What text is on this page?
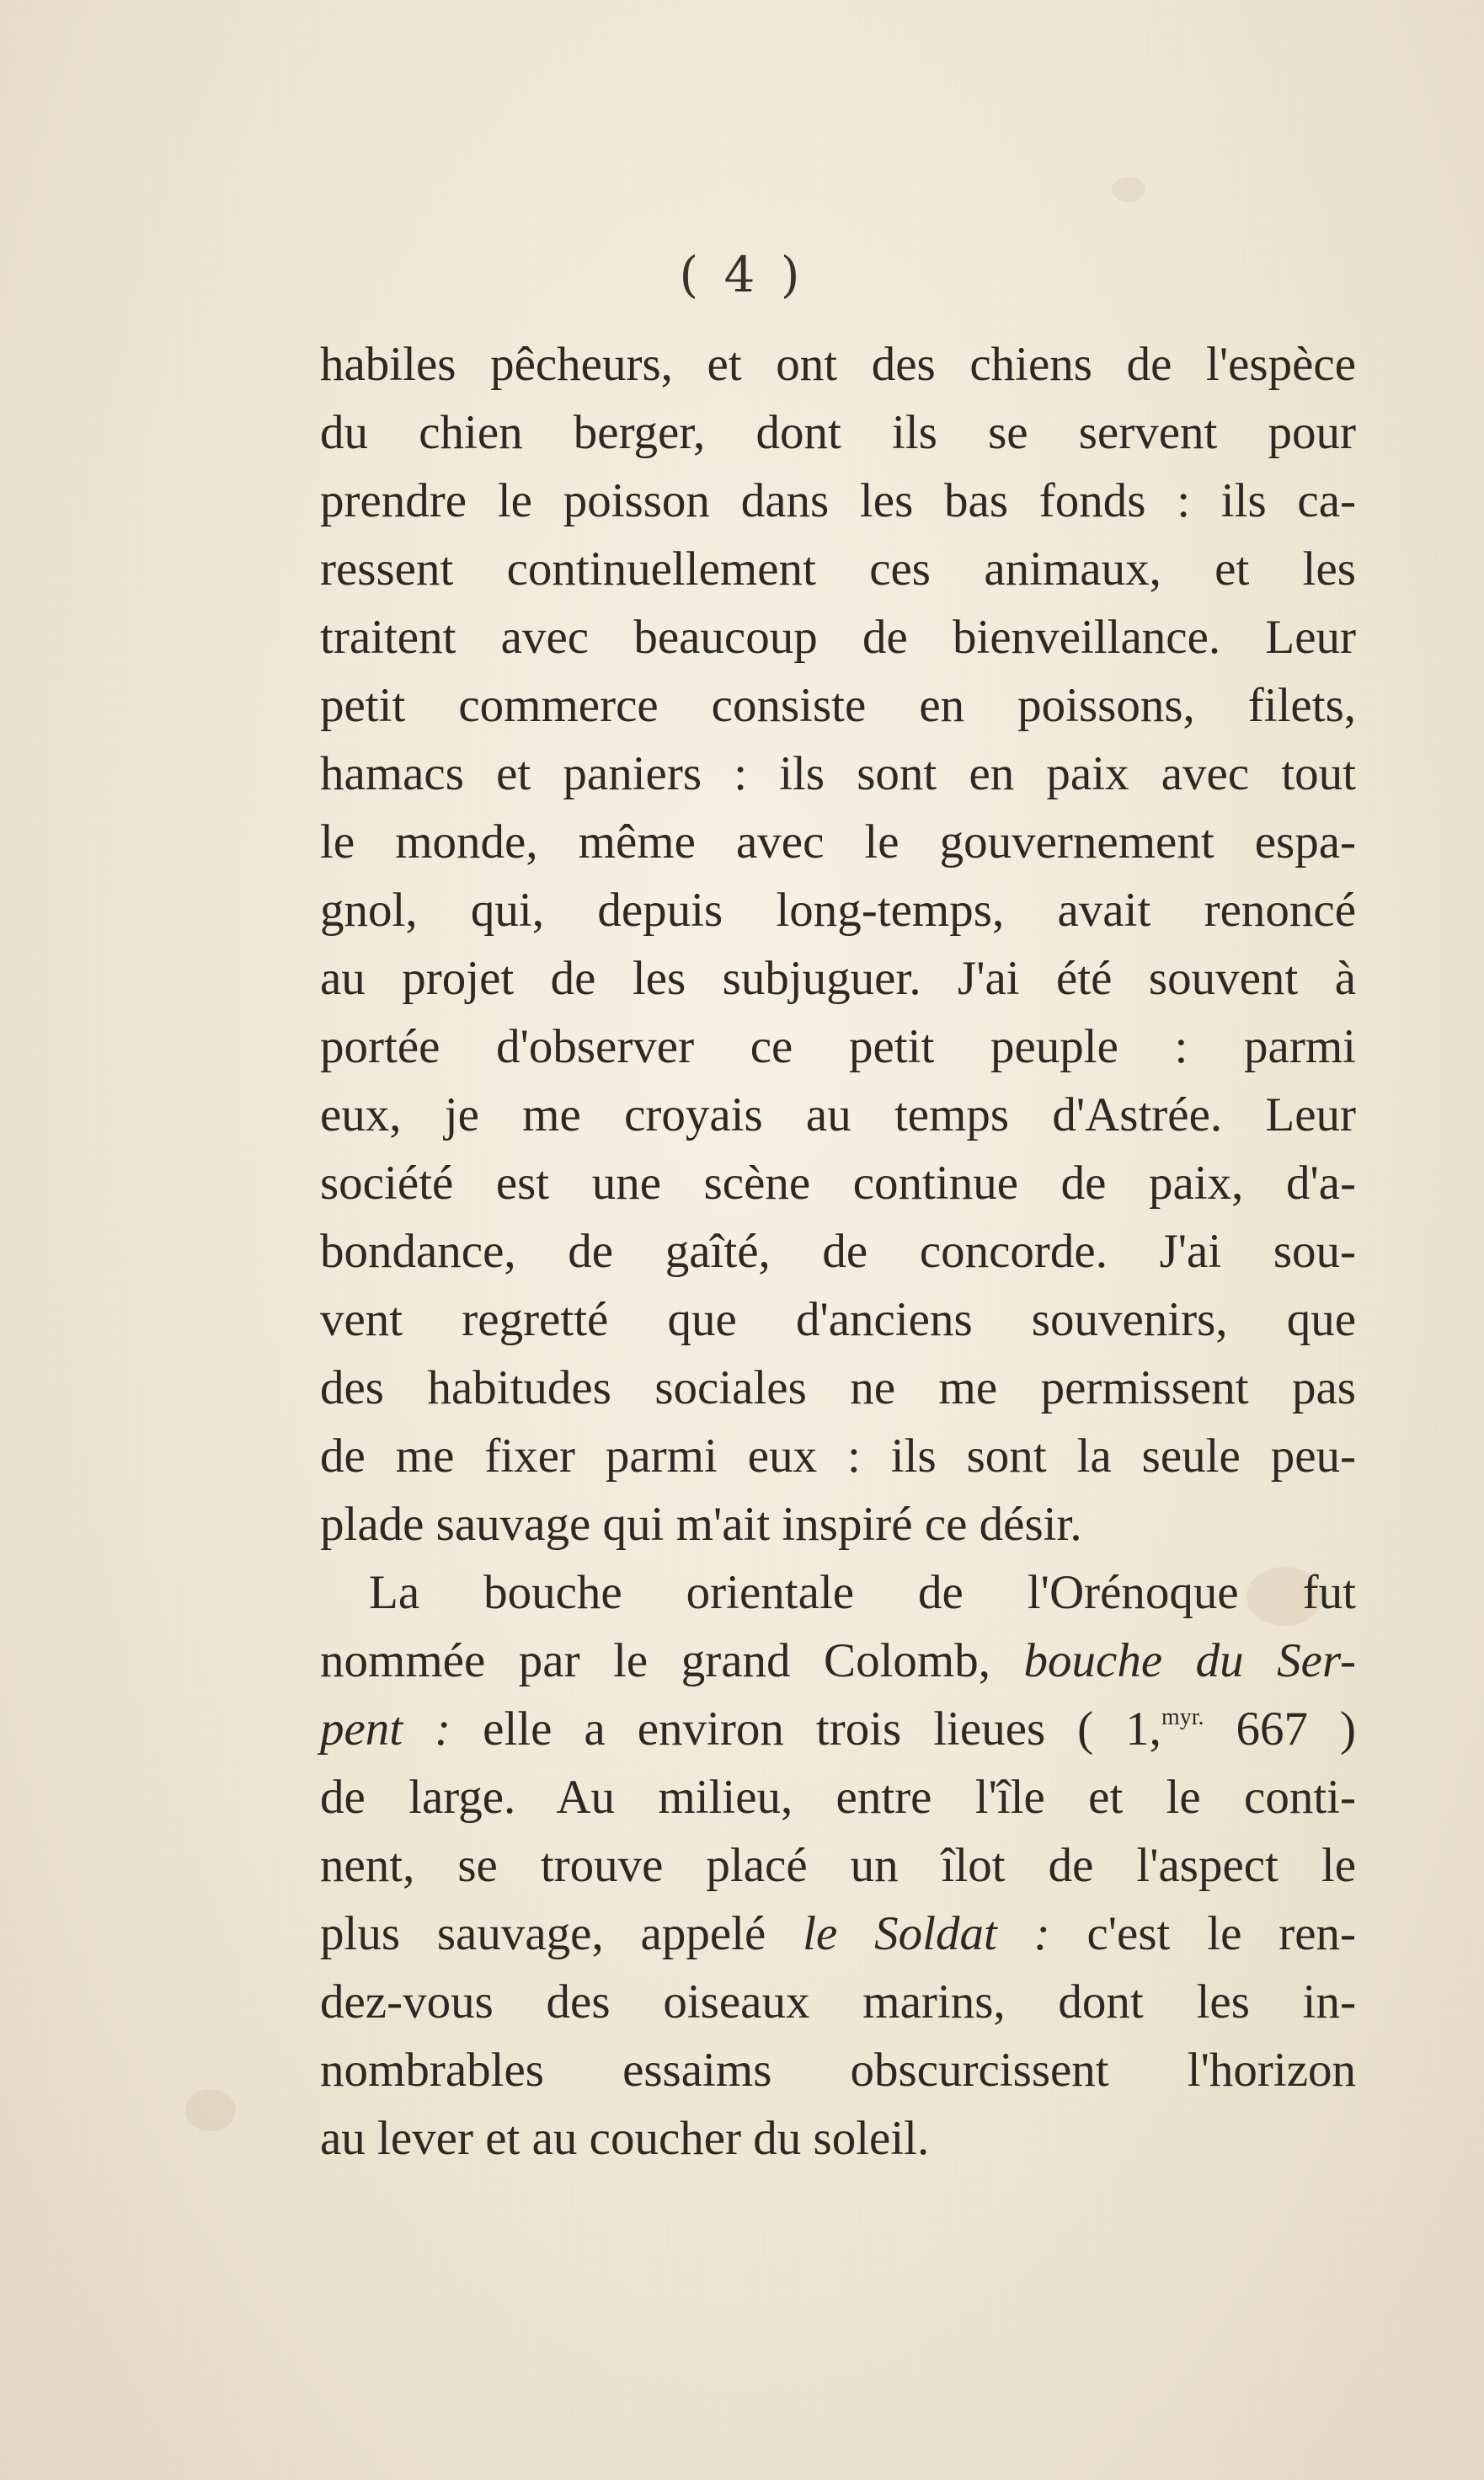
( 4 )

habiles pêcheurs, et ont des chiens de l'espèce
du chien berger, dont ils se servent pour
prendre le poisson dans les bas fonds : ils ca-
ressent continuellement ces animaux, et les
traitent avec beaucoup de bienveillance. Leur
petit commerce consiste en poissons, filets,
hamacs et paniers : ils sont en paix avec tout
le monde, même avec le gouvernement espa-
gnol, qui, depuis long-temps, avait renoncé
au projet de les subjuguer. J'ai été souvent à
portée d'observer ce petit peuple : parmi
eux, je me croyais au temps d'Astrée. Leur
société est une scène continue de paix, d'a-
bondance, de gaîté, de concorde. J'ai sou-
vent regretté que d'anciens souvenirs, que
des habitudes sociales ne me permissent pas
de me fixer parmi eux : ils sont la seule peu-
plade sauvage qui m'ait inspiré ce désir.
La bouche orientale de l'Orénoque fut
nommée par le grand Colomb, bouche du Ser-
pent : elle a environ trois lieues ( 1,$^{myr.}$ 667 )
de large. Au milieu, entre l'île et le conti-
nent, se trouve placé un îlot de l'aspect le
plus sauvage, appelé le Soldat : c'est le ren-
dez-vous des oiseaux marins, dont les in-
nombrables essaims obscurcissent l'horizon
au lever et au coucher du soleil.
